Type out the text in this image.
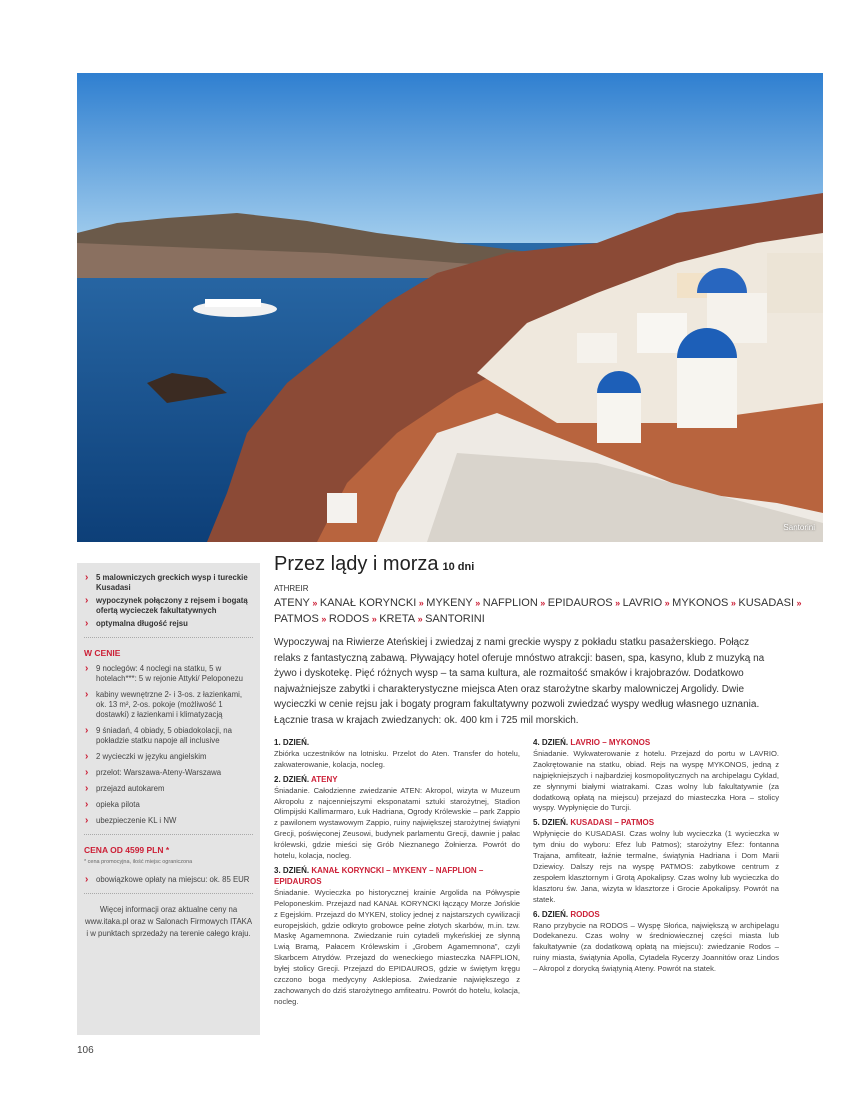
Santorini
› 5 malowniczych greckich wysp i tureckie Kusadasi
› wypoczynek połączony z rejsem i bogatą ofertą wycieczek fakultatywnych
› optymalna długość rejsu
W CENIE
› 9 noclegów: 4 noclegi na statku, 5 w hotelach***: 5 w rejonie Attyki/ Peloponezu
› kabiny wewnętrzne 2- i 3-os. z łazienkami, ok. 13 m², 2-os. pokoje (możliwość 1 dostawki) z łazienkami i klimatyzacją
› 9 śniadań, 4 obiady, 5 obiadokolacji, na pokładzie statku napoje all inclusive
› 2 wycieczki w języku angielskim
› przelot: Warszawa-Ateny-Warszawa
› przejazd autokarem
› opieka pilota
› ubezpieczenie KL i NW
CENA OD 4599 PLN *
* cena promocyjna, ilość miejsc ograniczona
› obowiązkowe opłaty na miejscu: ok. 85 EUR
Więcej informacji oraz aktualne ceny na www.itaka.pl oraz w Salonach Firmowych ITAKA i w punktach sprzedaży na terenie całego kraju.
106
Przez lądy i morza 10 dni
ATHREIR
ATENY » KANAŁ KORYNCKI » MYKENY » NAFPLION » EPIDAUROS » LAVRIO » MYKONOS » KUSADASI » PATMOS » RODOS » KRETA » SANTORINI
Wypoczywaj na Riwierze Ateńskiej i zwiedzaj z nami greckie wyspy z pokładu statku pasażerskiego. Połącz relaks z fantastyczną zabawą. Pływający hotel oferuje mnóstwo atrakcji: basen, spa, kasyno, klub z muzyką na żywo i dyskotekę. Pięć różnych wysp – ta sama kultura, ale rozmaitość smaków i krajobrazów. Dodatkowo najważniejsze zabytki i charakterystyczne miejsca Aten oraz starożytne skarby malowniczej Argolidy. Dwie wycieczki w cenie rejsu jak i bogaty program fakultatywny pozwoli zwiedzać wyspy według własnego uznania. Łącznie trasa w krajach zwiedzanych: ok. 400 km i 725 mil morskich.
1. DZIEŃ.
Zbiórka uczestników na lotnisku. Przelot do Aten. Transfer do hotelu, zakwaterowanie, kolacja, nocleg.
2. DZIEŃ. ATENY
Śniadanie. Całodzienne zwiedzanie ATEN: Akropol, wizyta w Muzeum Akropolu z najcenniejszymi eksponatami sztuki starożytnej, Stadion Olimpijski Kallimarmaro, Łuk Hadriana, Ogrody Królewskie – park Zappio z pawilonem wystawowym Zappio, ruiny największej starożytnej świątyni Grecji, poświęconej Zeusowi, budynek parlamentu Grecji, dawnie j pałac królewski, gdzie mieści się Grób Nieznanego Żołnierza. Powrót do hotelu, kolacja, nocleg.
3. DZIEŃ. KANAŁ KORYNCKI – MYKENY – NAFPLION – EPIDAUROS
Śniadanie. Wycieczka po historycznej krainie Argolida na Półwyspie Peloponeskim. Przejazd nad KANAŁ KORYNCKI łączący Morze Jońskie z Egejskim. Przejazd do MYKEN, stolicy jednej z najstarszych cywilizacji europejskich, gdzie odkryto grobowce pełne złotych skarbów, m.in. tzw. Maskę Agamemnona. Zwiedzanie ruin cytadeli mykeńskiej ze słynną Lwią Bramą, Pałacem Królewskim i „Grobem Agamemnona”, czyli Skarbcem Atrydów. Przejazd do weneckiego miasteczka NAFPLION, byłej stolicy Grecji. Przejazd do EPIDAUROS, gdzie w świętym kręgu czczono boga medycyny Asklepiosa. Zwiedzanie największego z zachowanych do dziś starożytnego amfiteatru. Powrót do hotelu, kolacja, nocleg.
4. DZIEŃ. LAVRIO – MYKONOS
Śniadanie. Wykwaterowanie z hotelu. Przejazd do portu w LAVRIO. Zaokrętowanie na statku, obiad. Rejs na wyspę MYKONOS, jedną z najpiękniejszych i najbardziej kosmopolitycznych na archipelagu Cyklad, ze słynnymi białymi wiatrakami. Czas wolny lub fakultatywnie (za dodatkową opłatą na miejscu) przejazd do miasteczka Hora – stolicy wyspy. Wypłynięcie do Turcji.
5. DZIEŃ. KUSADASI – PATMOS
Wpłynięcie do KUSADASI. Czas wolny lub wycieczka (1 wycieczka w tym dniu do wyboru: Efez lub Patmos); starożytny Efez: fontanna Trajana, amfiteatr, łaźnie termalne, świątynia Hadriana i Dom Marii Dziewicy. Dalszy rejs na wyspę PATMOS: zabytkowe centrum z zespołem klasztornym i Grotą Apokalipsy. Czas wolny lub wycieczka do klasztoru św. Jana, wizyta w klasztorze i Grocie Apokalipsy. Powrót na statek.
6. DZIEŃ. RODOS
Rano przybycie na RODOS – Wyspę Słońca, największą w archipelagu Dodekanezu. Czas wolny w średniowiecznej części miasta lub fakultatywnie (za dodatkową opłatą na miejscu): zwiedzanie Rodos – ruiny miasta, świątynia Apolla, Cytadela Rycerzy Joannitów oraz Lindos – Akropol z dorycką świątynią Ateny. Powrót na statek.
